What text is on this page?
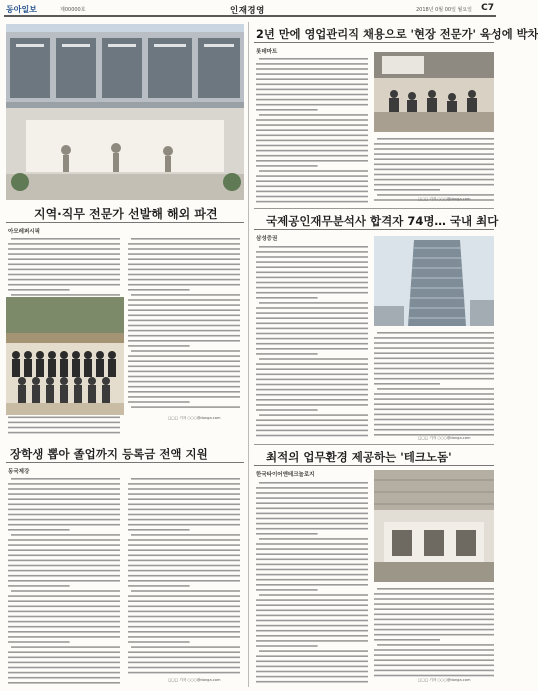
동아일보	제00000호	인재경영	2018년 0월 00일 월요일 C7
지역·직무 전문가 선발해 해외 파견
아모레퍼시픽
□□□ 기자 ○○○@donga.com
장학생 뽑아 졸업까지 등록금 전액 지원
동국제강
□□□ 기자 ○○○@donga.com
2년 만에 영업관리직 채용으로 '현장 전문가' 육성에 박차
롯데마트
□□□ 기자 ○○○@donga.com
국제공인재무분석사 합격자 74명… 국내 최다
삼성증권
□□□ 기자 ○○○@donga.com
최적의 업무환경 제공하는 '테크노돔'
한국타이어앤테크놀로지
□□□ 기자 ○○○@donga.com
